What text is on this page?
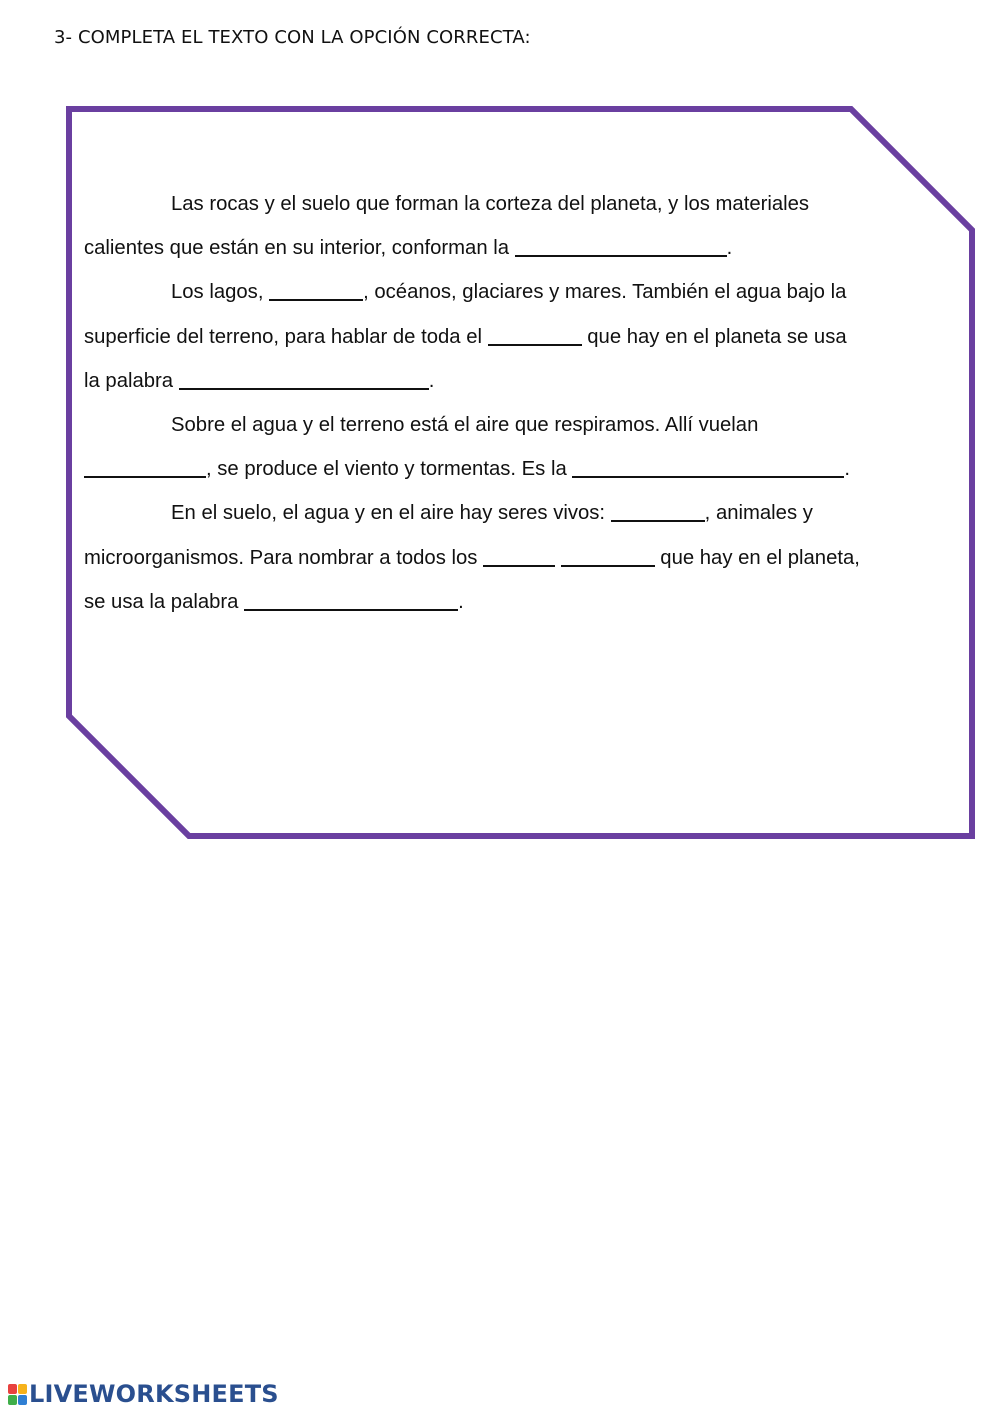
3- COMPLETA EL TEXTO CON LA OPCIÓN CORRECTA:
Las rocas y el suelo que forman la corteza del planeta, y los materiales
calientes que están en su interior, conforman la	.
Los lagos,	, océanos, glaciares y mares. También el agua bajo la
superficie del terreno, para hablar de toda el	que hay en el planeta se usa
la palabra	.
Sobre el agua y el terreno está el aire que respiramos. Allí vuelan
, se produce el viento y tormentas. Es la	.
En el suelo, el agua y en el aire hay seres vivos:	, animales y
microorganismos. Para nombrar a todos los	que hay en el planeta,
se usa la palabra	.
LIVEWORKSHEETS
